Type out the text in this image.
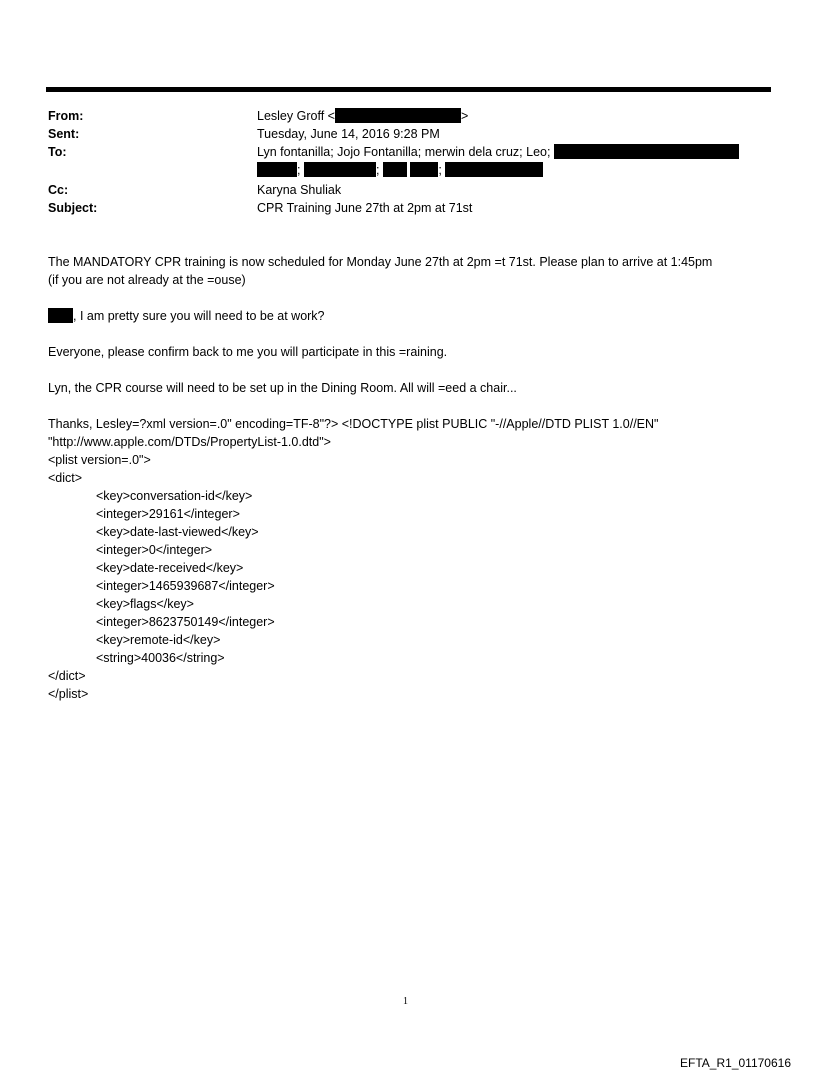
From:	Lesley Groff <	>
Sent:	Tuesday, June 14, 2016 9:28 PM
To:	Lyn fontanilla; Jojo Fontanilla; merwin dela cruz; Leo;
;	;	;
Cc:	Karyna Shuliak
Subject:	CPR Training June 27th at 2pm at 71st
The MANDATORY CPR training is now scheduled for Monday June 27th at 2pm =t 71st. Please plan to arrive at 1:45pm
(if you are not already at the =ouse)
, I am pretty sure you will need to be at work?
Everyone, please confirm back to me you will participate in this =raining.
Lyn, the CPR course will need to be set up in the Dining Room. All will =eed a chair...
Thanks, Lesley=?xml version=.0" encoding=TF-8"?> <!DOCTYPE plist PUBLIC "-//Apple//DTD PLIST 1.0//EN"
"http://www.apple.com/DTDs/PropertyList-1.0.dtd">
<plist version=.0">
<dict>
<key>conversation-id</key>
<integer>29161</integer>
<key>date-last-viewed</key>
<integer>0</integer>
<key>date-received</key>
<integer>1465939687</integer>
<key>flags</key>
<integer>8623750149</integer>
<key>remote-id</key>
<string>40036</string>
</dict>
</plist>
1
EFTA_R1_01170616
